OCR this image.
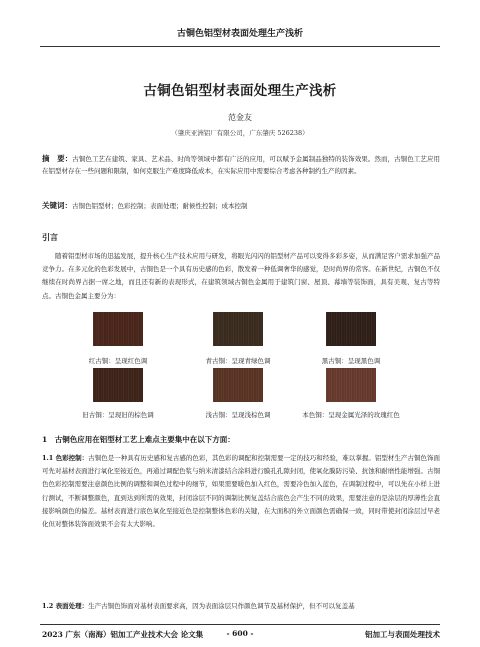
古铜色铝型材表面处理生产浅析
古铜色铝型材表面处理生产浅析
范金友
（肇庆亚洲铝厂有限公司，广东肇庆 526238）
摘　要：古铜色工艺在建筑、家具、艺术品、时尚等领域中都有广泛的应用，可以赋予金属制品独特的装饰效果。然而，古铜色工艺应用在铝型材存在一些问题和限制，如何克服生产难度降低成本，在实际应用中需要综合考虑各种制约生产的因素。
关键词：古铜色铝型材；色彩控制；表面处理；耐候性控制；成本控制
引言
随着铝型材市场的迅猛发展，提升核心生产技术应用与研发，将眼光闪闪的铝型材产品可以变得多彩多姿，从而满足客户需求加强产品竞争力。在多元化的色彩发展中，古铜色是一个具有历史感的色彩，散发着一种低调奢华的感觉，是时尚界的常客。在新世纪，古铜色不仅继续在时尚界占据一席之地，而且还有新的表现形式，在建筑领域古铜色金属用于建筑门窗、屋顶、幕墙等装饰面，具有美观、复古等特点。古铜色金属主要分为：
红古铜：呈现红色调	青古铜：呈现青绿色调	黑古铜：呈现黑色调
旧古铜：呈现旧的棕色调	浅古铜：呈现浅棕色调	本色铜：呈现金属光泽的玫瑰红色
1　古铜色应用在铝型材工艺上难点主要集中在以下方面：
1.1 色彩控制：古铜色是一种具有历史感和复古感的色彩，其色彩的调配和控制需要一定的技巧和经验，难以掌握。铝型材生产古铜色饰面可先对基材表面进行氧化至铵近色，再通过调配色浆与纳米清漆结合涂料进行膜孔孔隙封闭，使氧化膜防污染、抗蚀和耐磨性能增强。古铜色色彩控制需要注意颜色比例的调整和调色过程中的细节，如果需要暖色加入红色，需要冷色加入蓝色，在调制过程中，可以先在小样上进行测试，不断调整颜色，直到达到所需的效果，封闭涂层不同的调制比例复盖结合底色会产生不同的效果，需要注意的是涂层的厚薄性会直接影响颜色的偏差。基材表面进行底色氧化至接近色是控制整体色彩的关键，在大面积的外立面颜色需确保一致，同时带使封闭涂层过早老化但对整体装饰面效果不会有太大影响。
1.2 表面处理：生产古铜色饰面对基材表面要求高，因为表面涂层只作颜色调节及基材保护，但不可以复盖基
2023 广东（南海）铝加工产业技术大会 论文集	- 600 -	铝加工与表面处理技术
